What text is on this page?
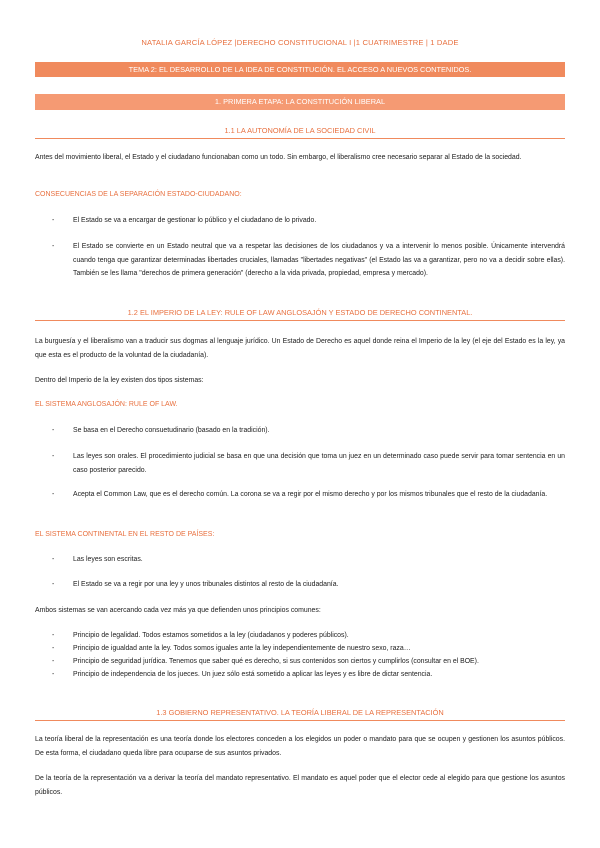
NATALIA GARCÍA LÓPEZ |DERECHO CONSTITUCIONAL I |1 CUATRIMESTRE | 1 DADE
TEMA 2: EL DESARROLLO DE LA IDEA DE CONSTITUCIÓN. EL ACCESO A NUEVOS CONTENIDOS.
1. PRIMERA ETAPA: LA CONSTITUCIÓN LIBERAL
1.1 LA AUTONOMÍA DE LA SOCIEDAD CIVIL
Antes del movimiento liberal, el Estado y el ciudadano funcionaban como un todo. Sin embargo, el liberalismo cree necesario separar al Estado de la sociedad.
CONSECUENCIAS DE LA SEPARACIÓN ESTADO-CIUDADANO:
-	El Estado se va a encargar de gestionar lo público y el ciudadano de lo privado.
-	El Estado se convierte en un Estado neutral que va a respetar las decisiones de los ciudadanos y va a intervenir lo menos posible. Únicamente intervendrá cuando tenga que garantizar determinadas libertades cruciales, llamadas "libertades negativas" (el Estado las va a garantizar, pero no va a decidir sobre ellas). También se les llama "derechos de primera generación" (derecho a la vida privada, propiedad, empresa y mercado).
1.2 EL IMPERIO DE LA LEY: RULE OF LAW ANGLOSAJÓN Y ESTADO DE DERECHO CONTINENTAL.
La burguesía y el liberalismo van a traducir sus dogmas al lenguaje jurídico. Un Estado de Derecho es aquel donde reina el Imperio de la ley (el eje del Estado es la ley, ya que esta es el producto de la voluntad de la ciudadanía).
Dentro del Imperio de la ley existen dos tipos sistemas:
EL SISTEMA ANGLOSAJÓN: RULE OF LAW.
-	Se basa en el Derecho consuetudinario (basado en la tradición).
-	Las leyes son orales. El procedimiento judicial se basa en que una decisión que toma un juez en un determinado caso puede servir para tomar sentencia en un caso posterior parecido.
-	Acepta el Common Law, que es el derecho común. La corona se va a regir por el mismo derecho y por los mismos tribunales que el resto de la ciudadanía.
EL SISTEMA CONTINENTAL EN EL RESTO DE PAÍSES:
-	Las leyes son escritas.
-	El Estado se va a regir por una ley y unos tribunales distintos al resto de la ciudadanía.
Ambos sistemas se van acercando cada vez más ya que defienden unos principios comunes:
-	Principio de legalidad. Todos estamos sometidos a la ley (ciudadanos y poderes públicos).
-	Principio de igualdad ante la ley. Todos somos iguales ante la ley independientemente de nuestro sexo, raza…
-	Principio de seguridad jurídica. Tenemos que saber qué es derecho, si sus contenidos son ciertos y cumplirlos (consultar en el BOE).
-	Principio de independencia de los jueces. Un juez sólo está sometido a aplicar las leyes y es libre de dictar sentencia.
1.3 GOBIERNO REPRESENTATIVO. LA TEORÍA LIBERAL DE LA REPRESENTACIÓN
La teoría liberal de la representación es una teoría donde los electores conceden a los elegidos un poder o mandato para que se ocupen y gestionen los asuntos públicos. De esta forma, el ciudadano queda libre para ocuparse de sus asuntos privados.
De la teoría de la representación va a derivar la teoría del mandato representativo. El mandato es aquel poder que el elector cede al elegido para que gestione los asuntos públicos.
